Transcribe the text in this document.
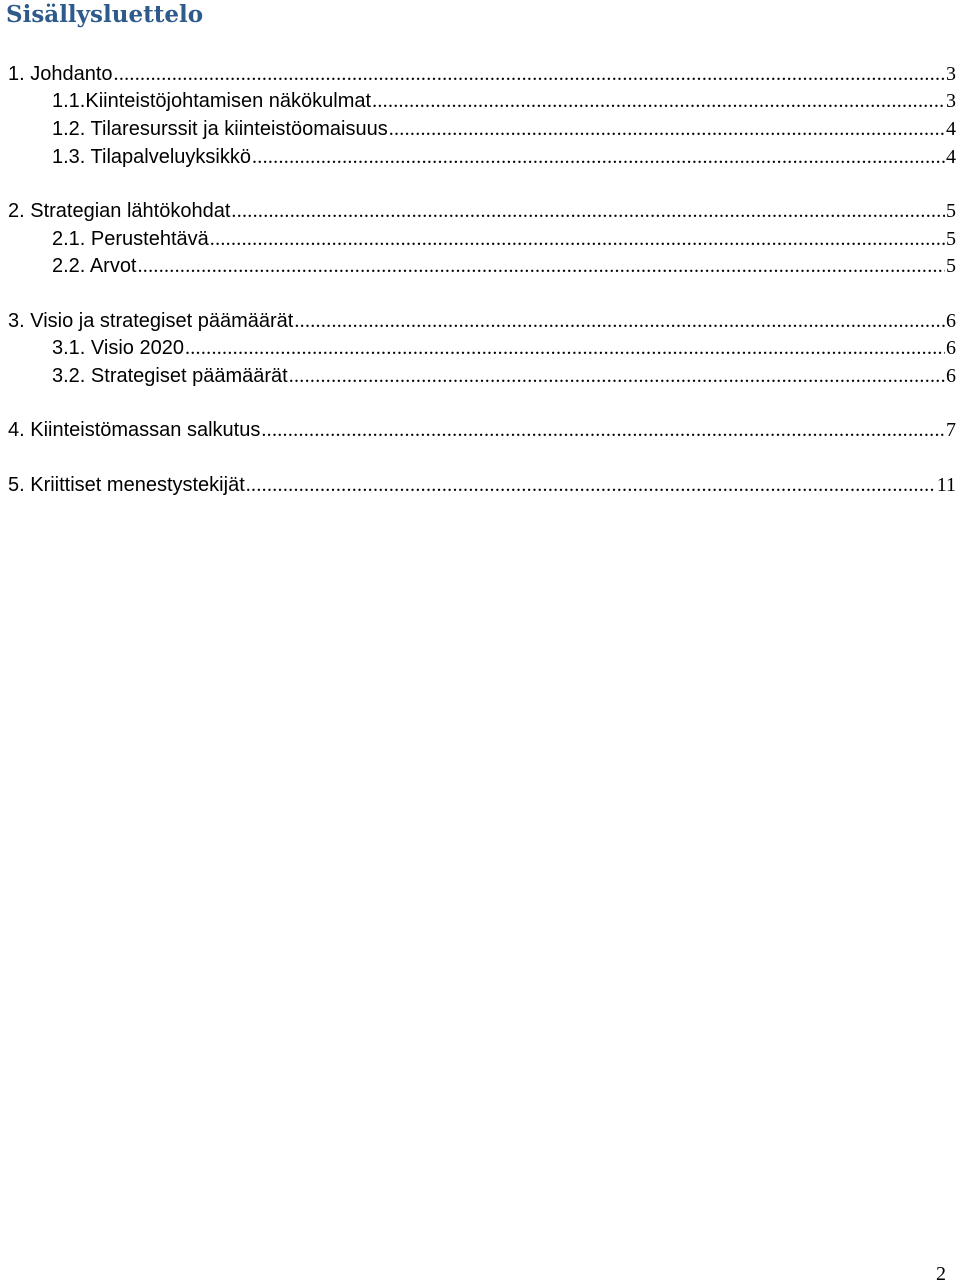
Sisällysluettelo
1. Johdanto .....	3
1.1.Kiinteistöjohtamisen näkökulmat .....	3
1.2. Tilaresurssit ja kiinteistöomaisuus .....	4
1.3. Tilapalveluyksikkö .....	4
2. Strategian lähtökohdat .....	5
2.1. Perustehtävä .....	5
2.2. Arvot .....	5
3. Visio ja strategiset päämäärät .....	6
3.1. Visio 2020 .....	6
3.2. Strategiset päämäärät .....	6
4. Kiinteistömassan salkutus .....	7
5. Kriittiset menestystekijät .....	11
2
